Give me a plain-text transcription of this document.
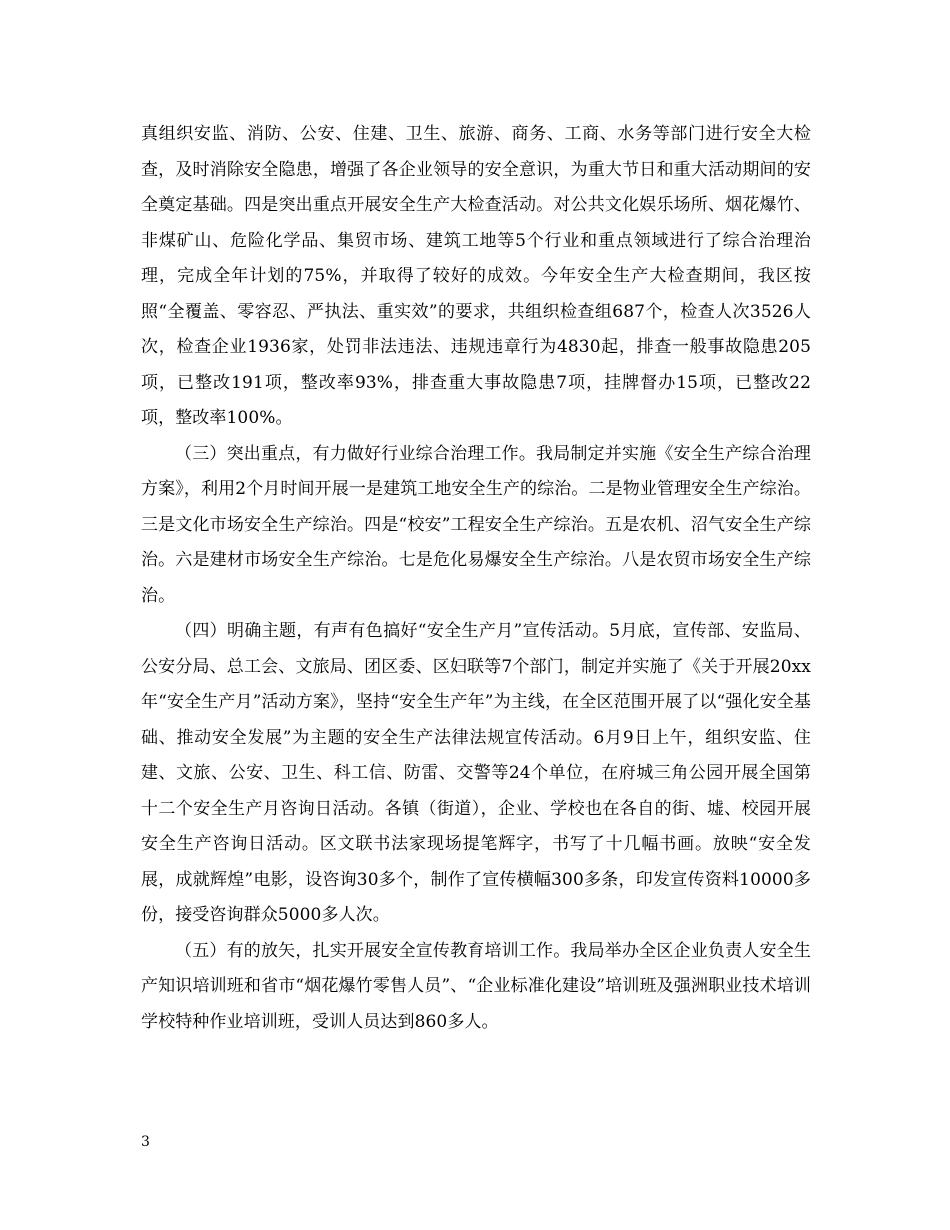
真组织安监、消防、公安、住建、卫生、旅游、商务、工商、水务等部门进行安全大检查，及时消除安全隐患，增强了各企业领导的安全意识，为重大节日和重大活动期间的安全奠定基础。四是突出重点开展安全生产大检查活动。对公共文化娱乐场所、烟花爆竹、非煤矿山、危险化学品、集贸市场、建筑工地等5个行业和重点领域进行了综合治理治理，完成全年计划的75%，并取得了较好的成效。今年安全生产大检查期间，我区按照“全覆盖、零容忍、严执法、重实效”的要求，共组织检查组687个，检查人次3526人次，检查企业1936家，处罚非法违法、违规违章行为4830起，排查一般事故隐患205项，已整改191项，整改率93%，排查重大事故隐患7项，挂牌督办15项，已整改22项，整改率100%。

（三）突出重点，有力做好行业综合治理工作。我局制定并实施《安全生产综合治理方案》，利用2个月时间开展一是建筑工地安全生产的综治。二是物业管理安全生产综治。三是文化市场安全生产综治。四是“校安”工程安全生产综治。五是农机、沼气安全生产综治。六是建材市场安全生产综治。七是危化易爆安全生产综治。八是农贸市场安全生产综治。

（四）明确主题，有声有色搞好“安全生产月”宣传活动。5月底，宣传部、安监局、公安分局、总工会、文旅局、团区委、区妇联等7个部门，制定并实施了《关于开展20xx年“安全生产月”活动方案》，坚持“安全生产年”为主线，在全区范围开展了以“强化安全基础、推动安全发展”为主题的安全生产法律法规宣传活动。6月9日上午，组织安监、住建、文旅、公安、卫生、科工信、防雷、交警等24个单位，在府城三角公园开展全国第十二个安全生产月咨询日活动。各镇（街道），企业、学校也在各自的街、墟、校园开展安全生产咨询日活动。区文联书法家现场提笔辉字，书写了十几幅书画。放映“安全发展，成就辉煌”电影，设咨询30多个，制作了宣传横幅300多条，印发宣传资料10000多份，接受咨询群众5000多人次。

（五）有的放矢，扎实开展安全宣传教育培训工作。我局举办全区企业负责人安全生产知识培训班和省市“烟花爆竹零售人员”、“企业标准化建设”培训班及强洲职业技术培训学校特种作业培训班，受训人员达到860多人。

3
